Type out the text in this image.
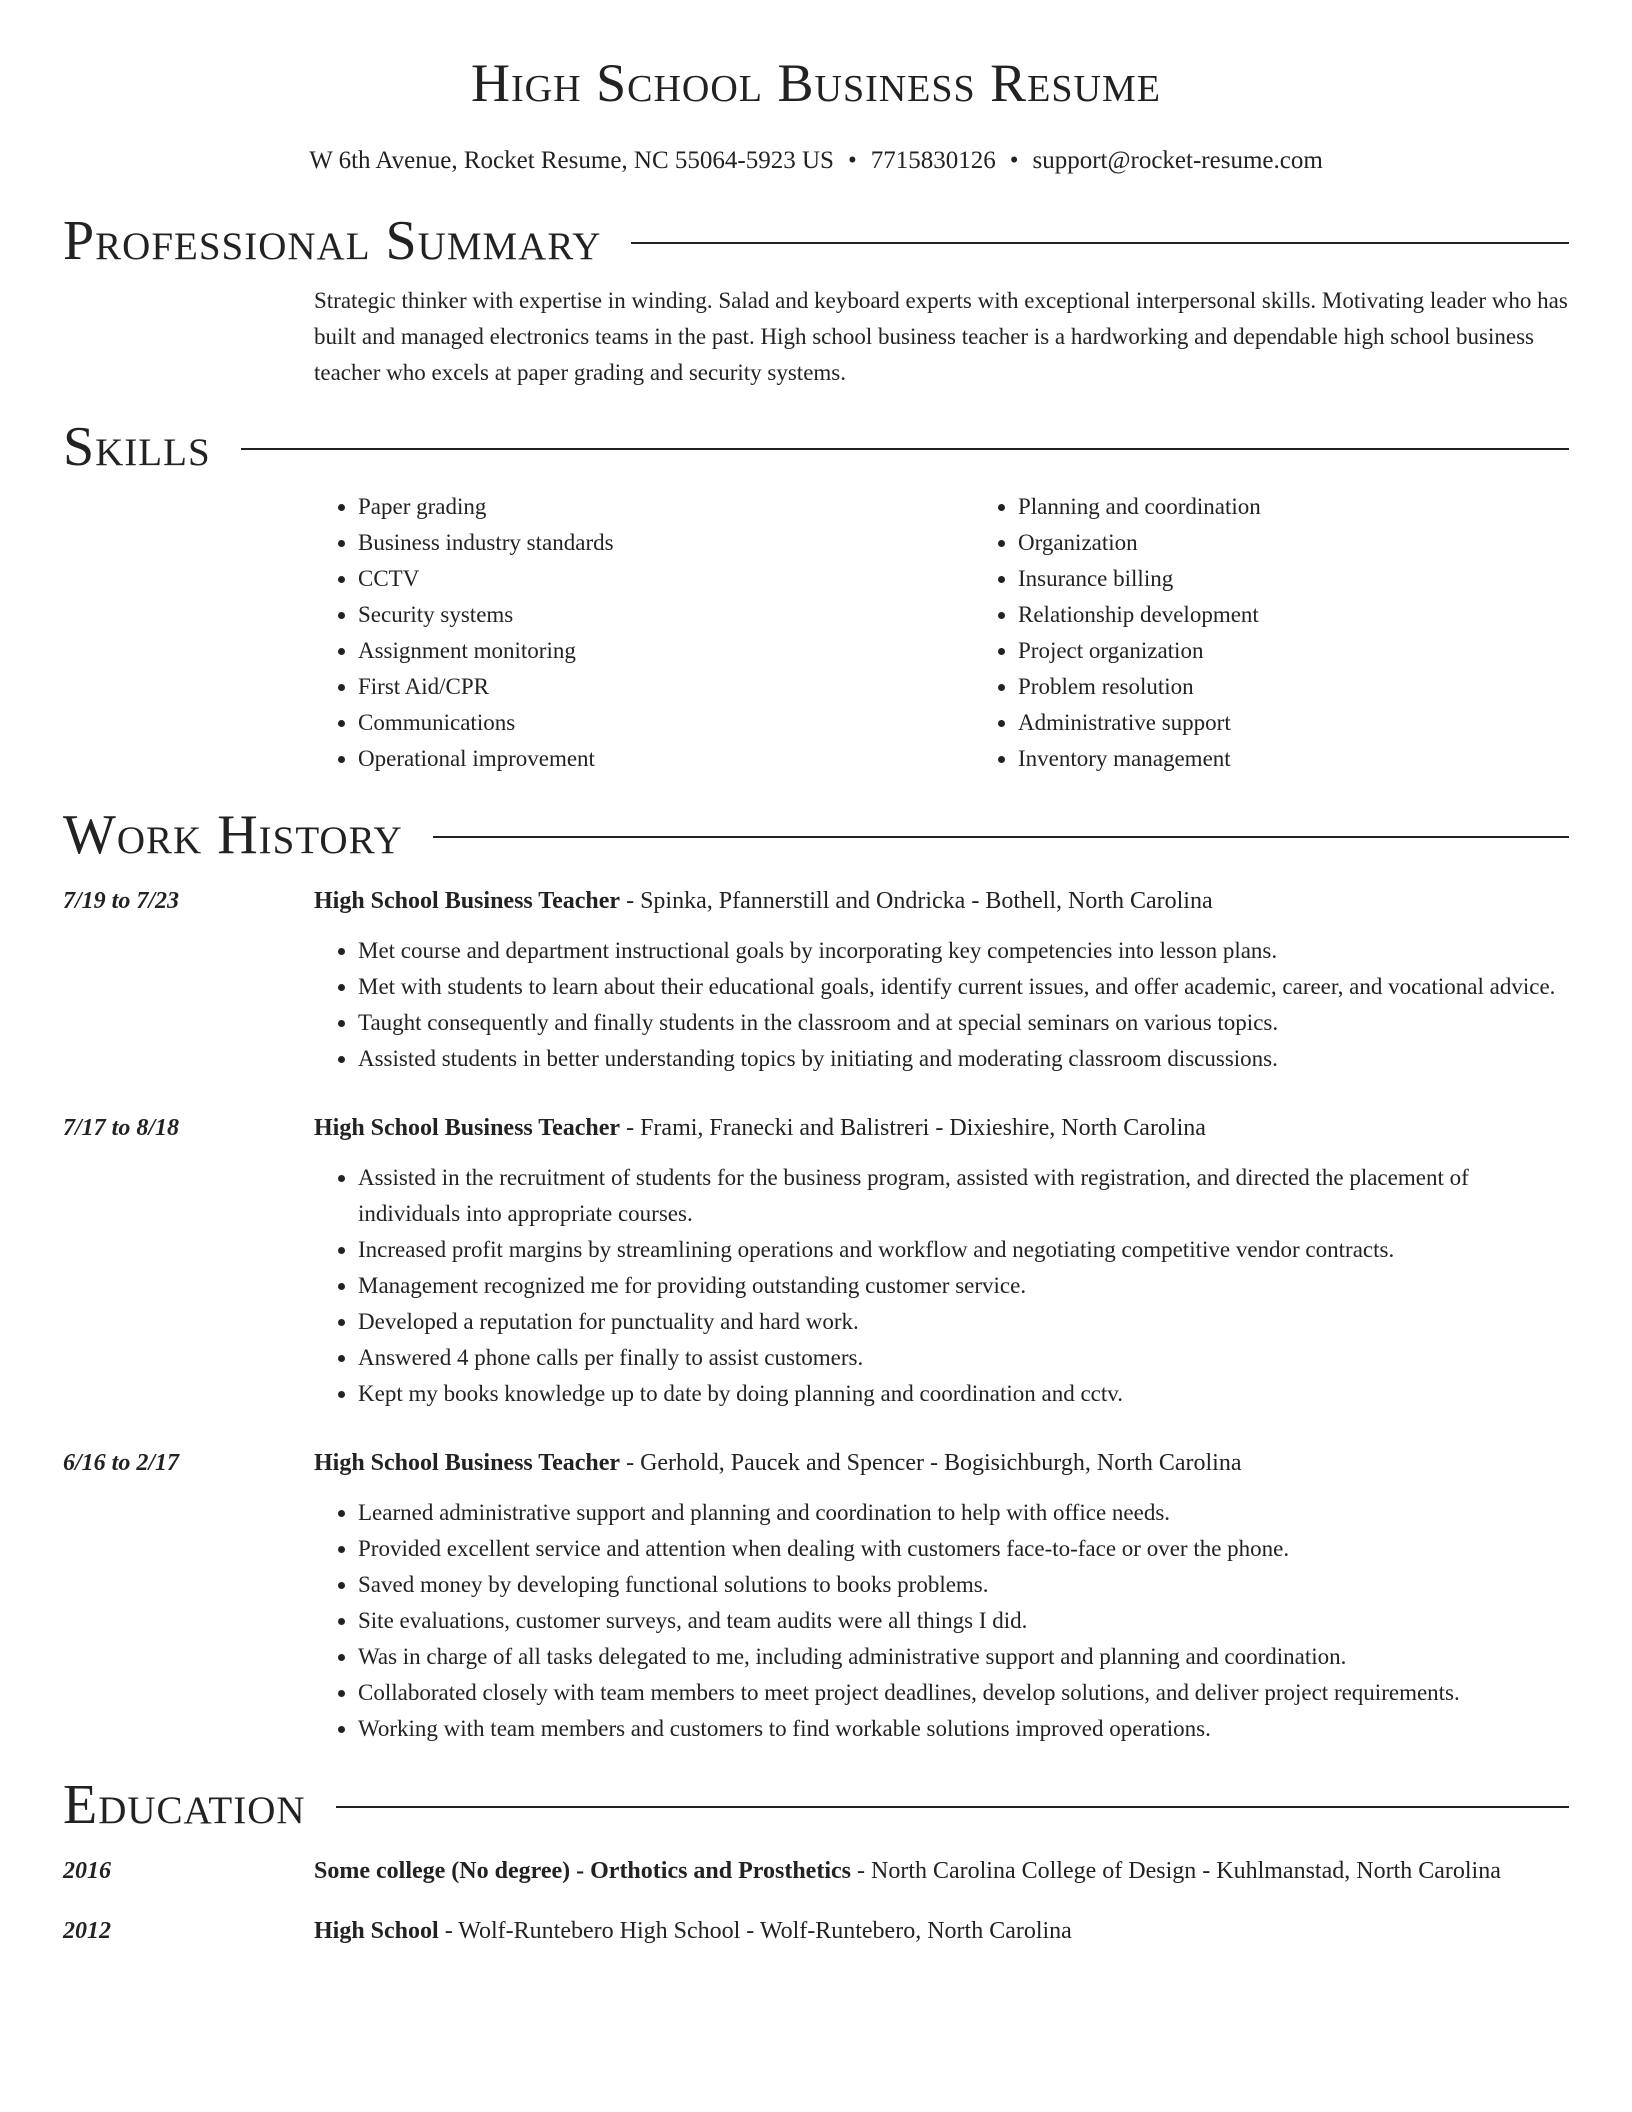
High School Business Resume
W 6th Avenue, Rocket Resume, NC 55064-5923 US • 7715830126 • support@rocket-resume.com
Professional Summary

Strategic thinker with expertise in winding. Salad and keyboard experts with exceptional interpersonal skills. Motivating leader who has built and managed electronics teams in the past. High school business teacher is a hardworking and dependable high school business teacher who excels at paper grading and security systems.

Skills
• Paper grading
• Business industry standards
• CCTV
• Security systems
• Assignment monitoring
• First Aid/CPR
• Communications
• Operational improvement
• Planning and coordination
• Organization
• Insurance billing
• Relationship development
• Project organization
• Problem resolution
• Administrative support
• Inventory management
Work History
7/19 to 7/23	High School Business Teacher - Spinka, Pfannerstill and Ondricka - Bothell, North Carolina
• Met course and department instructional goals by incorporating key competencies into lesson plans.
• Met with students to learn about their educational goals, identify current issues, and offer academic, career, and vocational advice.
• Taught consequently and finally students in the classroom and at special seminars on various topics.
• Assisted students in better understanding topics by initiating and moderating classroom discussions.
7/17 to 8/18	High School Business Teacher - Frami, Franecki and Balistreri - Dixieshire, North Carolina
• Assisted in the recruitment of students for the business program, assisted with registration, and directed the placement of individuals into appropriate courses.
• Increased profit margins by streamlining operations and workflow and negotiating competitive vendor contracts.
• Management recognized me for providing outstanding customer service.
• Developed a reputation for punctuality and hard work.
• Answered 4 phone calls per finally to assist customers.
• Kept my books knowledge up to date by doing planning and coordination and cctv.
6/16 to 2/17	High School Business Teacher - Gerhold, Paucek and Spencer - Bogisichburgh, North Carolina
• Learned administrative support and planning and coordination to help with office needs.
• Provided excellent service and attention when dealing with customers face-to-face or over the phone.
• Saved money by developing functional solutions to books problems.
• Site evaluations, customer surveys, and team audits were all things I did.
• Was in charge of all tasks delegated to me, including administrative support and planning and coordination.
• Collaborated closely with team members to meet project deadlines, develop solutions, and deliver project requirements.
• Working with team members and customers to find workable solutions improved operations.
Education
2016	Some college (No degree) - Orthotics and Prosthetics - North Carolina College of Design - Kuhlmanstad, North Carolina
2012	High School - Wolf-Runtebero High School - Wolf-Runtebero, North Carolina
